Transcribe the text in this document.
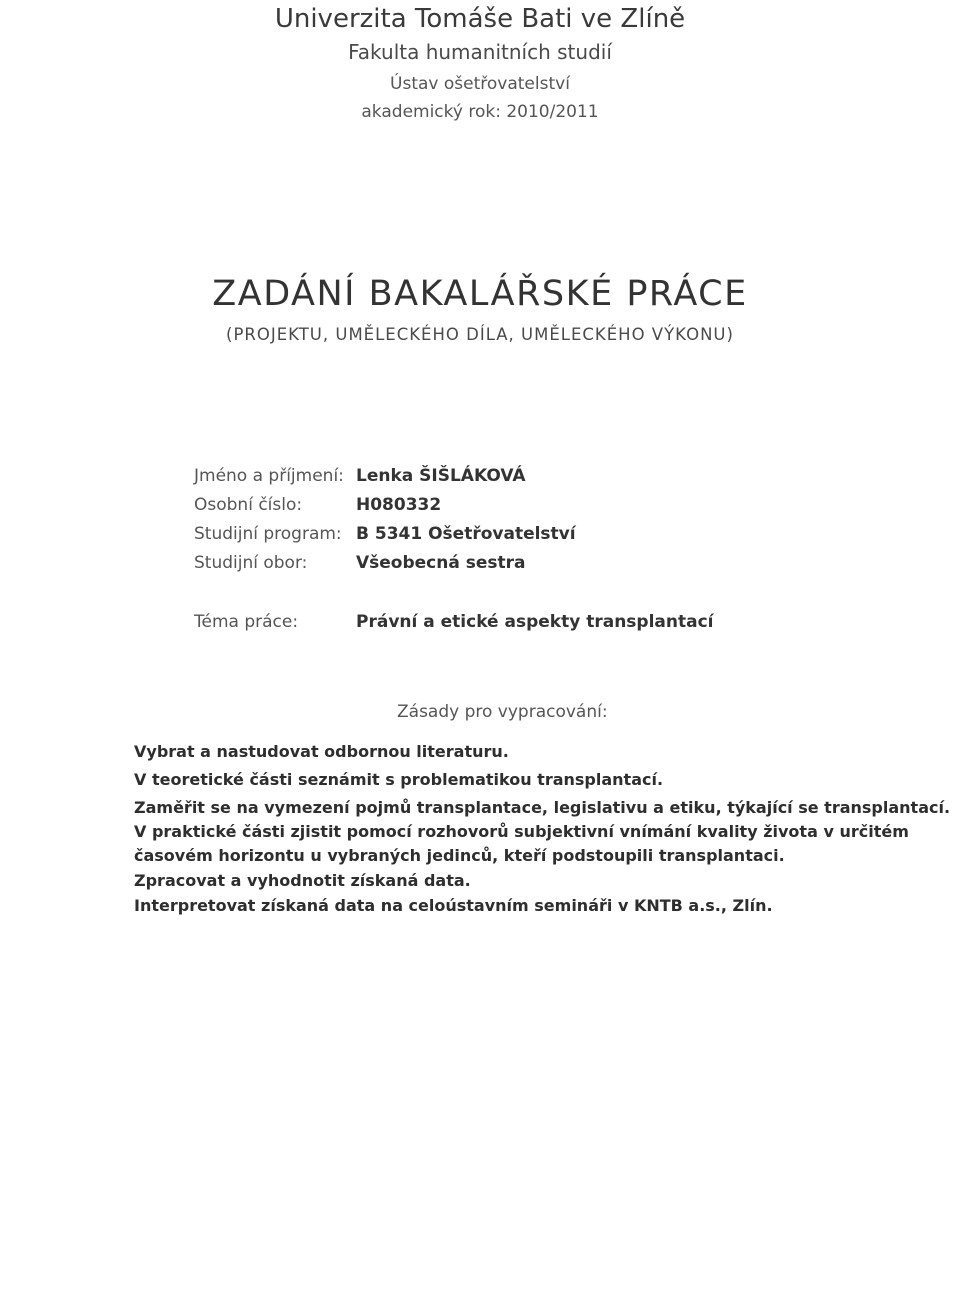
Univerzita Tomáše Bati ve Zlíně
Fakulta humanitních studií
Ústav ošetřovatelství
akademický rok: 2010/2011
ZADÁNÍ BAKALÁŘSKÉ PRÁCE
(PROJEKTU, UMĚLECKÉHO DÍLA, UMĚLECKÉHO VÝKONU)
Jméno a příjmení: Lenka ŠIŠLÁKOVÁ
Osobní číslo:	H080332
Studijní program: B 5341 Ošetřovatelství
Studijní obor:	Všeobecná sestra
Téma práce:	Právní a etické aspekty transplantací
Zásady pro vypracování:
Vybrat a nastudovat odbornou literaturu.
V teoretické části seznámit s problematikou transplantací.
Zaměřit se na vymezení pojmů transplantace, legislativu a etiku, týkající se transplantací.
V praktické části zjistit pomocí rozhovorů subjektivní vnímání kvality života v určitém
časovém horizontu u vybraných jedinců, kteří podstoupili transplantaci.
Zpracovat a vyhodnotit získaná data.
Interpretovat získaná data na celoústavním semináři v KNTB a.s., Zlín.
